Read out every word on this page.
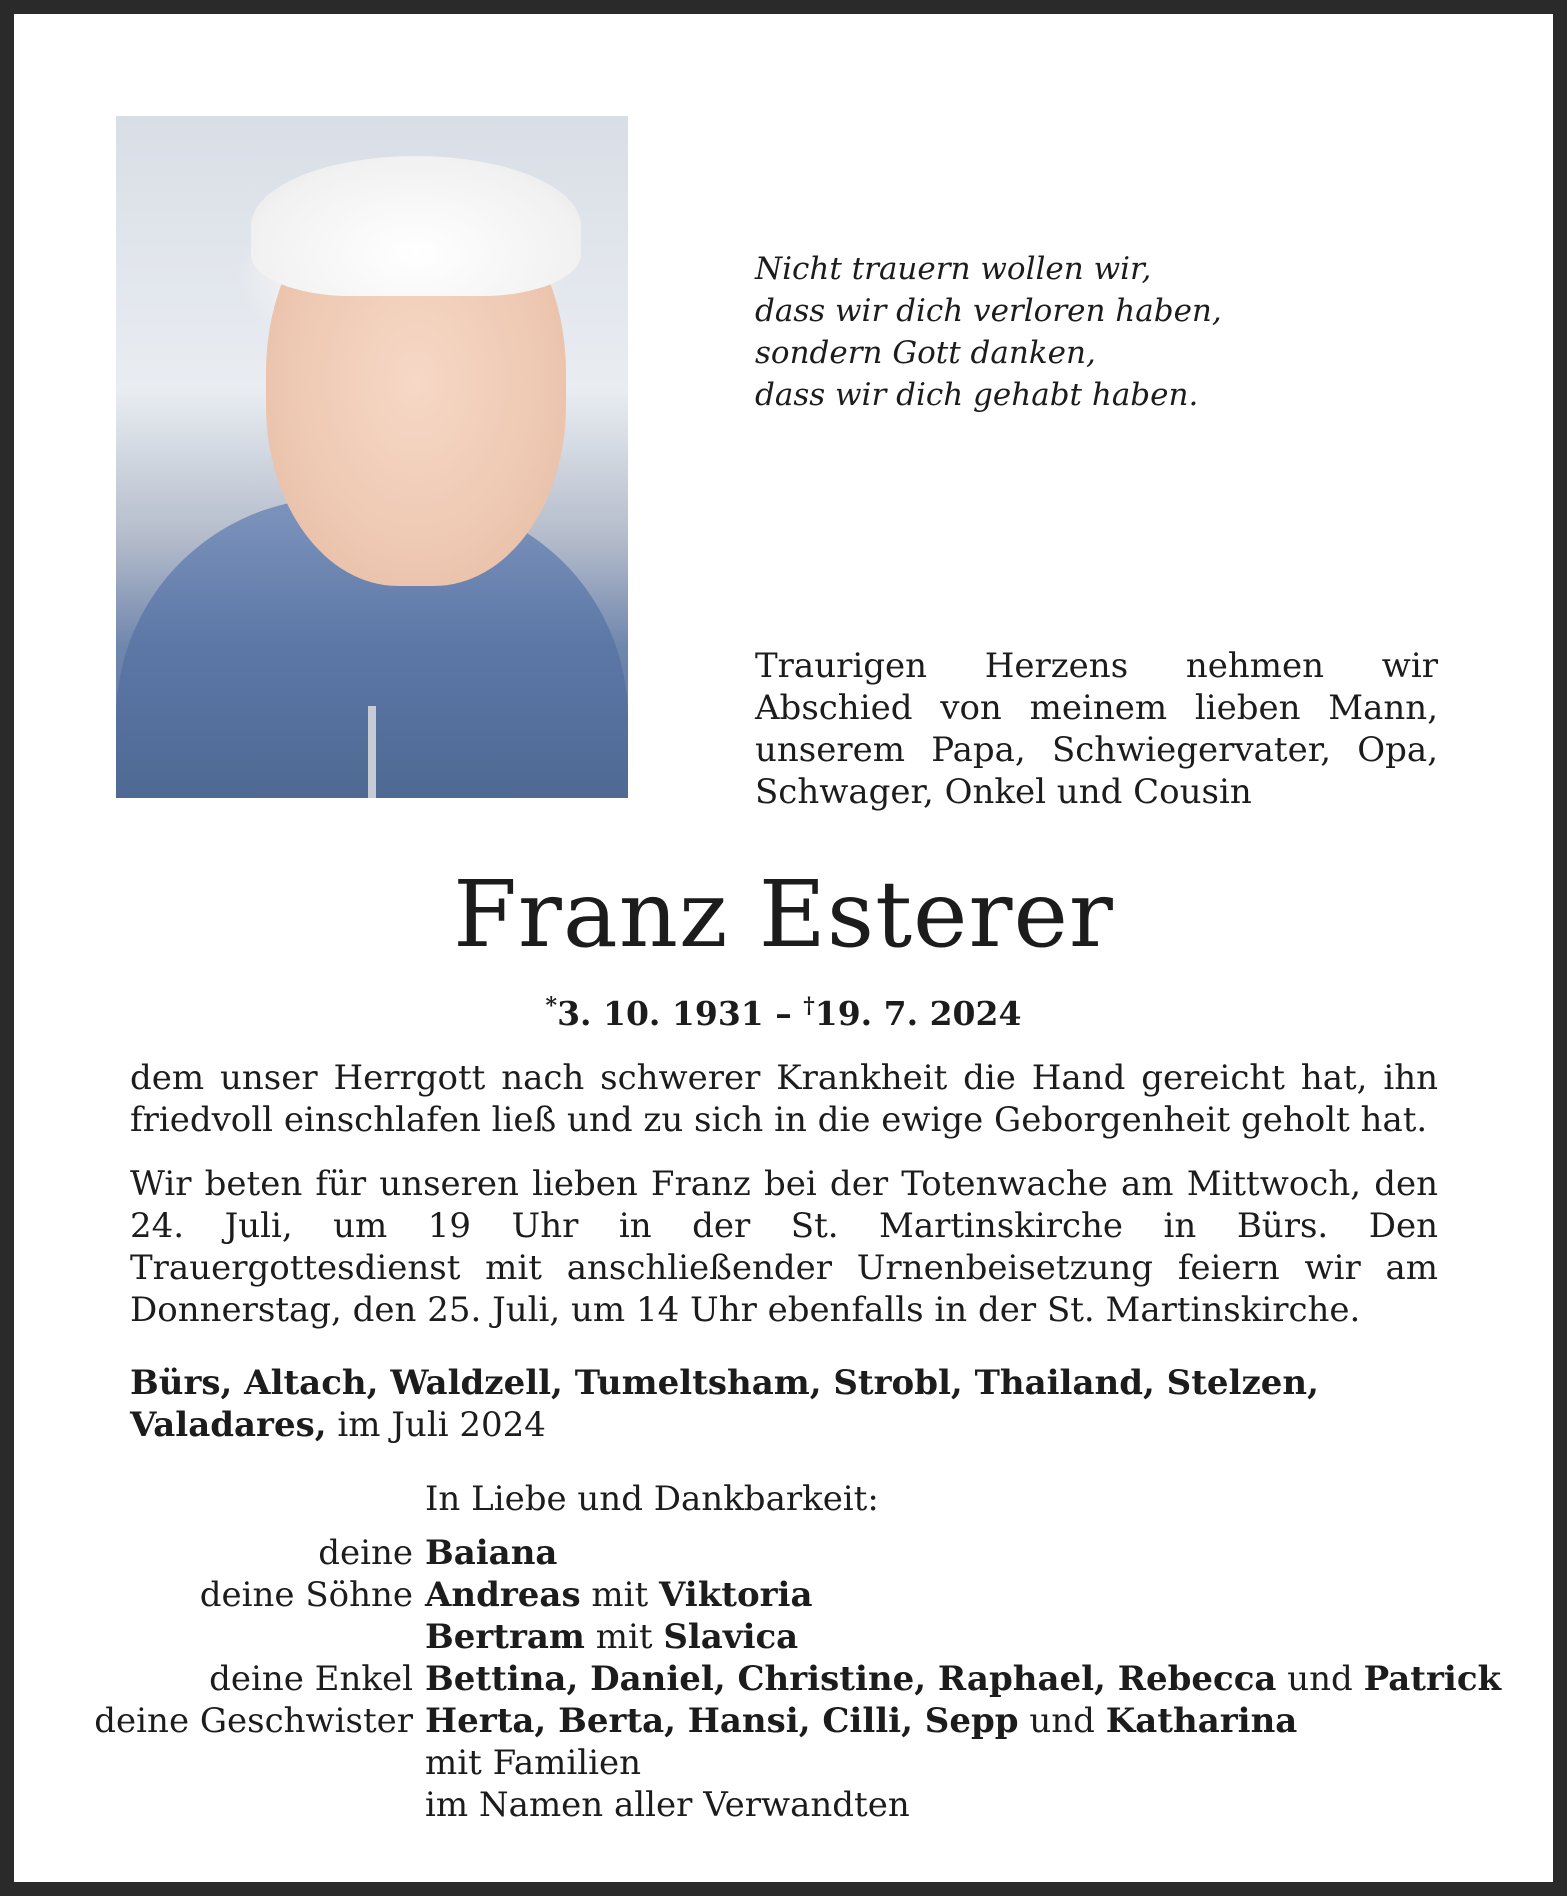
Nicht trauern wollen wir,
dass wir dich verloren haben,
sondern Gott danken,
dass wir dich gehabt haben.
Traurigen Herzens nehmen wir Abschied von meinem lieben Mann, unserem Papa, Schwiegervater, Opa, Schwager, Onkel und Cousin
Franz Esterer
*3. 10. 1931 – †19. 7. 2024
dem unser Herrgott nach schwerer Krankheit die Hand gereicht hat, ihn friedvoll einschlafen ließ und zu sich in die ewige Geborgenheit geholt hat.
Wir beten für unseren lieben Franz bei der Totenwache am Mittwoch, den 24. Juli, um 19 Uhr in der St. Martinskirche in Bürs. Den Trauergottesdienst mit anschließender Urnenbeisetzung feiern wir am Donnerstag, den 25. Juli, um 14 Uhr ebenfalls in der St. Martinskirche.
Bürs, Altach, Waldzell, Tumeltsham, Strobl, Thailand, Stelzen, Valadares, im Juli 2024
In Liebe und Dankbarkeit:
deine Baiana
deine Söhne Andreas mit Viktoria
Bertram mit Slavica
deine Enkel Bettina, Daniel, Christine, Raphael, Rebecca und Patrick
deine Geschwister Herta, Berta, Hansi, Cilli, Sepp und Katharina
mit Familien
im Namen aller Verwandten
